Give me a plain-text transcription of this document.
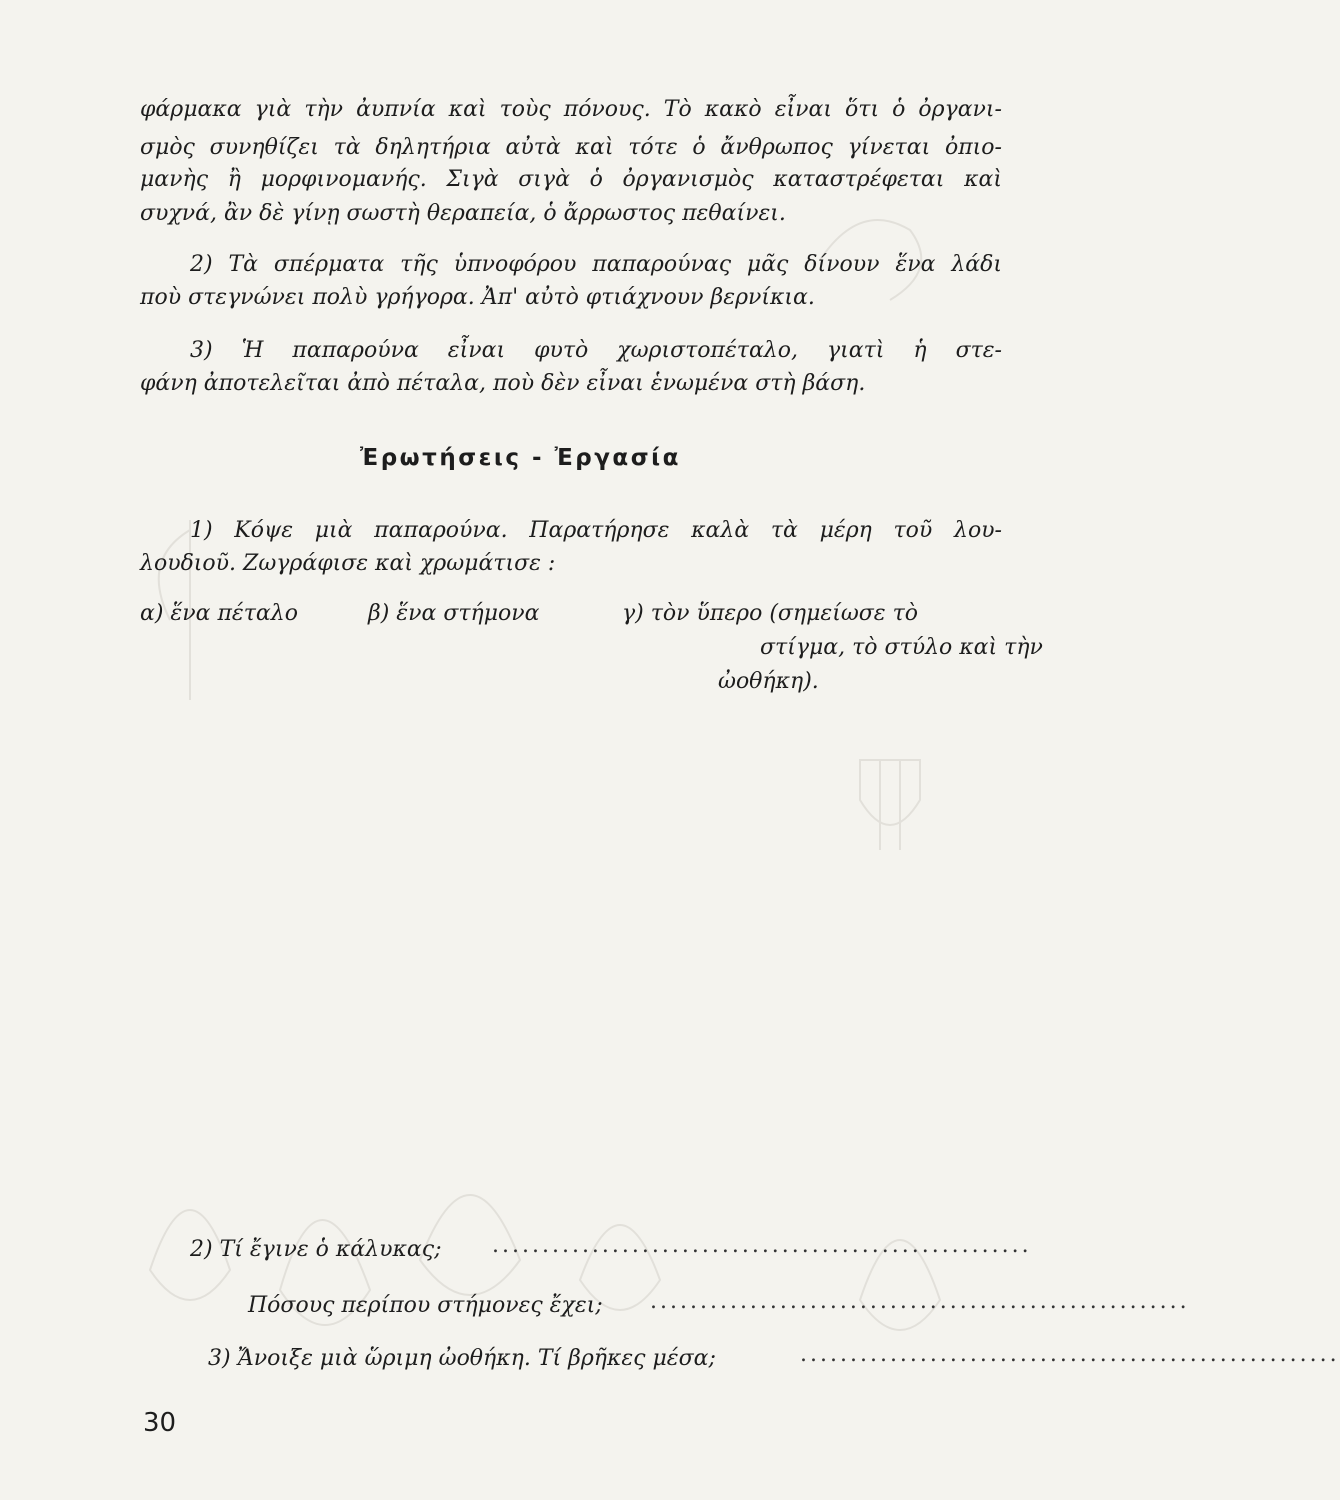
φάρμακα γιὰ τὴν ἀυπνία καὶ τοὺς πόνους. Τὸ κακὸ εἶναι ὅτι ὁ ὀργανι-
σμὸς συνηθίζει τὰ δηλητήρια αὐτὰ καὶ τότε ὁ ἄνθρωπος γίνεται ὀπιο-
μανὴς ἢ μορφινομανής. Σιγὰ σιγὰ ὁ ὀργανισμὸς καταστρέφεται καὶ
συχνά, ἂν δὲ γίνῃ σωστὴ θεραπεία, ὁ ἄρρωστος πεθαίνει.
2) Τὰ σπέρματα τῆς ὑπνοφόρου παπαρούνας μᾶς δίνουν ἕνα λάδι
ποὺ στεγνώνει πολὺ γρήγορα. Ἀπ' αὐτὸ φτιάχνουν βερνίκια.
3) Ἡ παπαρούνα εἶναι φυτὸ χωριστοπέταλο, γιατὶ ἡ στε-
φάνη ἀποτελεῖται ἀπὸ πέταλα, ποὺ δὲν εἶναι ἑνωμένα στὴ βάση.
Ἐρωτήσεις - Ἐργασία
1) Κόψε μιὰ παπαρούνα. Παρατήρησε καλὰ τὰ μέρη τοῦ λου-
λουδιοῦ. Ζωγράφισε καὶ χρωμάτισε :
α) ἕνα πέταλο	β) ἕνα στήμονα	γ) τὸν ὕπερο (σημείωσε τὸ
στίγμα, τὸ στύλο καὶ τὴν
ὠοθήκη).
2) Τί ἔγινε ὁ κάλυκας; ......................................................
Πόσους περίπου στήμονες ἔχει; ......................................................
3) Ἄνοιξε μιὰ ὥριμη ὠοθήκη. Τί βρῆκες μέσα;	......................................................
30
